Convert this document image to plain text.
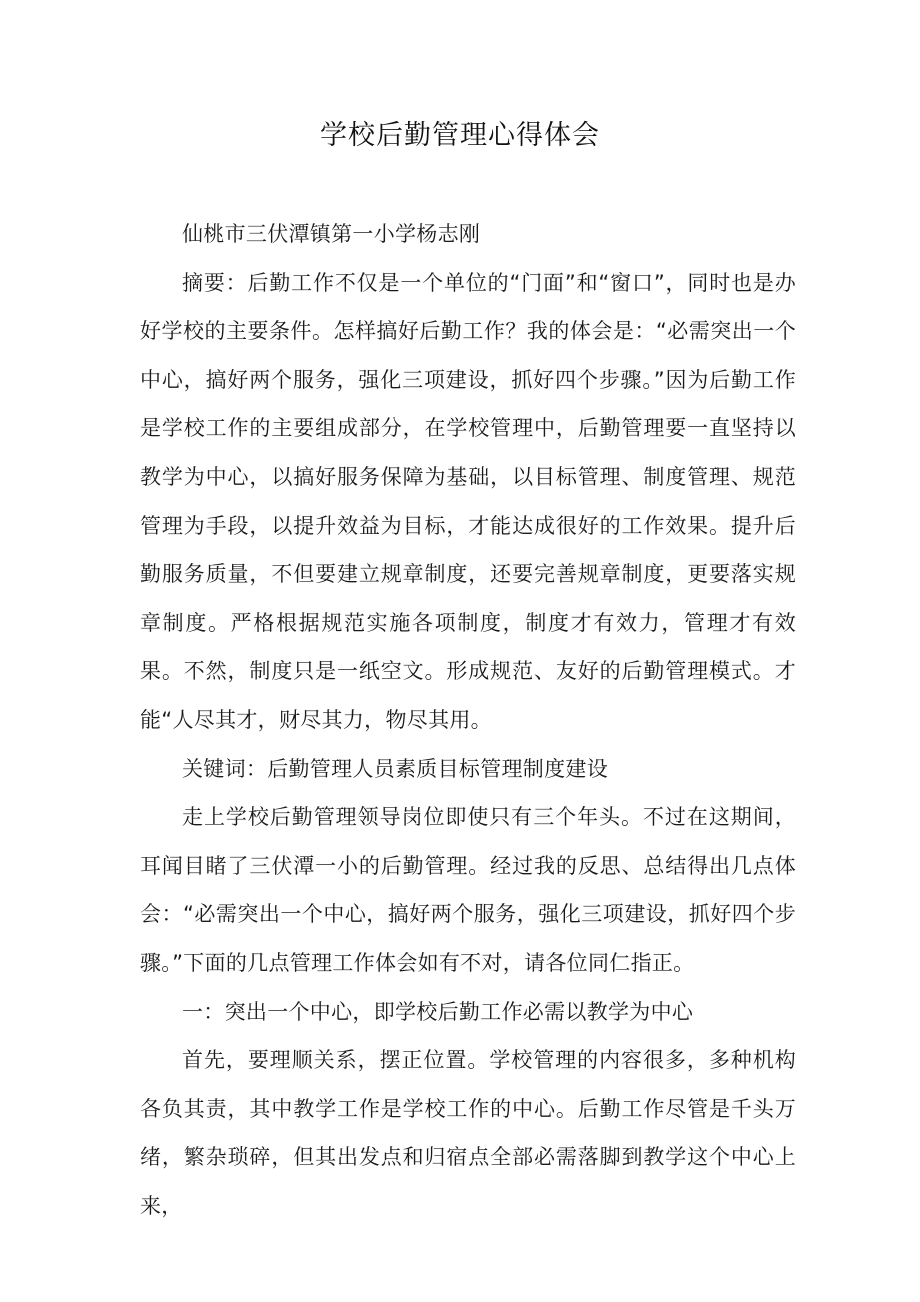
学校后勤管理心得体会

仙桃市三伏潭镇第一小学杨志刚

摘要：后勤工作不仅是一个单位的“门面”和“窗口”，同时也是办好学校的主要条件。怎样搞好后勤工作？我的体会是：“必需突出一个中心，搞好两个服务，强化三项建设，抓好四个步骤。”因为后勤工作是学校工作的主要组成部分，在学校管理中，后勤管理要一直坚持以教学为中心，以搞好服务保障为基础，以目标管理、制度管理、规范管理为手段，以提升效益为目标，才能达成很好的工作效果。提升后勤服务质量，不但要建立规章制度，还要完善规章制度，更要落实规章制度。严格根据规范实施各项制度，制度才有效力，管理才有效果。不然，制度只是一纸空文。形成规范、友好的后勤管理模式。才能“人尽其才，财尽其力，物尽其用。

关键词：后勤管理人员素质目标管理制度建设

走上学校后勤管理领导岗位即使只有三个年头。不过在这期间，耳闻目睹了三伏潭一小的后勤管理。经过我的反思、总结得出几点体会：“必需突出一个中心，搞好两个服务，强化三项建设，抓好四个步骤。”下面的几点管理工作体会如有不对，请各位同仁指正。

一：突出一个中心，即学校后勤工作必需以教学为中心

首先，要理顺关系，摆正位置。学校管理的内容很多，多种机构各负其责，其中教学工作是学校工作的中心。后勤工作尽管是千头万绪，繁杂琐碎，但其出发点和归宿点全部必需落脚到教学这个中心上来，
